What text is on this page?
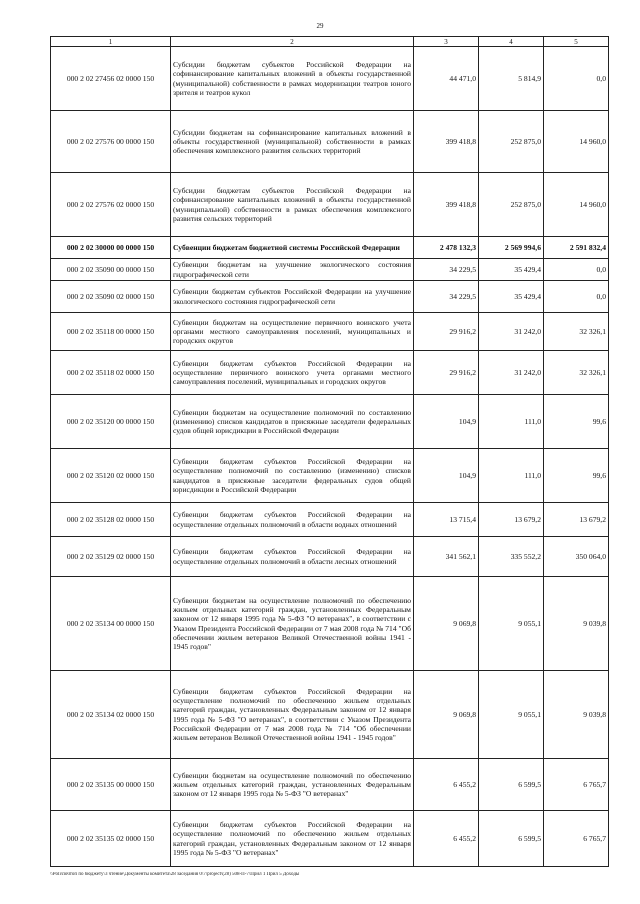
29
1	2	3	4	5
000 2 02 27456 02 0000 150	Субсидии бюджетам субъектов Российской Федерации на софинансирование капитальных вложений в объекты государственной (муниципальной) собственности в рамках модернизации театров юного зрителя и театров кукол	44 471,0	5 814,9	0,0
000 2 02 27576 00 0000 150	Субсидии бюджетам на софинансирование капитальных вложений в объекты государственной (муниципальной) собственности в рамках обеспечения комплексного развития сельских территорий	399 418,8	252 875,0	14 960,0
000 2 02 27576 02 0000 150	Субсидии бюджетам субъектов Российской Федерации на софинансирование капитальных вложений в объекты государственной (муниципальной) собственности в рамках обеспечения комплексного развития сельских территорий	399 418,8	252 875,0	14 960,0
000 2 02 30000 00 0000 150	Субвенции бюджетам бюджетной системы Российской Федерации	2 478 132,3	2 569 994,6	2 591 832,4
000 2 02 35090 00 0000 150	Субвенции бюджетам на улучшение экологического состояния гидрографической сети	34 229,5	35 429,4	0,0
000 2 02 35090 02 0000 150	Субвенции бюджетам субъектов Российской Федерации на улучшение экологического состояния гидрографической сети	34 229,5	35 429,4	0,0
000 2 02 35118 00 0000 150	Субвенции бюджетам на осуществление первичного воинского учета органами местного самоуправления поселений, муниципальных и городских округов	29 916,2	31 242,0	32 326,1
000 2 02 35118 02 0000 150	Субвенции бюджетам субъектов Российской Федерации на осуществление первичного воинского учета органами местного самоуправления поселений, муниципальных и городских округов	29 916,2	31 242,0	32 326,1
000 2 02 35120 00 0000 150	Субвенции бюджетам на осуществление полномочий по составлению (изменению) списков кандидатов в присяжные заседатели федеральных судов общей юрисдикции в Российской Федерации	104,9	111,0	99,6
000 2 02 35120 02 0000 150	Субвенции бюджетам субъектов Российской Федерации на осуществление полномочий по составлению (изменению) списков кандидатов в присяжные заседатели федеральных судов общей юрисдикции в Российской Федерации	104,9	111,0	99,6
000 2 02 35128 02 0000 150	Субвенции бюджетам субъектов Российской Федерации на осуществление отдельных полномочий в области водных отношений	13 715,4	13 679,2	13 679,2
000 2 02 35129 02 0000 150	Субвенции бюджетам субъектов Российской Федерации на осуществление отдельных полномочий в области лесных отношений	341 562,1	335 552,2	350 064,0
000 2 02 35134 00 0000 150	Субвенции бюджетам на осуществление полномочий по обеспечению жильем отдельных категорий граждан, установленных Федеральным законом от 12 января 1995 года № 5-ФЗ "О ветеранах", в соответствии с Указом Президента Российской Федерации от 7 мая 2008 года № 714 "Об обеспечении жильем ветеранов Великой Отечественной войны 1941 - 1945 годов"	9 069,8	9 055,1	9 039,8
000 2 02 35134 02 0000 150	Субвенции бюджетам субъектов Российской Федерации на осуществление полномочий по обеспечению жильем отдельных категорий граждан, установленных Федеральным законом от 12 января 1995 года № 5-ФЗ "О ветеранах", в соответствии с Указом Президента Российской Федерации от 7 мая 2008 года № 714 "Об обеспечении жильем ветеранов Великой Отечественной войны 1941 - 1945 годов"	9 069,8	9 055,1	9 039,8
000 2 02 35135 00 0000 150	Субвенции бюджетам на осуществление полномочий по обеспечению жильем отдельных категорий граждан, установленных Федеральным законом от 12 января 1995 года № 5-ФЗ "О ветеранах"	6 455,2	6 599,5	6 765,7
000 2 02 35135 02 0000 150	Субвенции бюджетам субъектов Российской Федерации на осуществление полномочий по обеспечению жильем отдельных категорий граждан, установленных Федеральным законом от 12 января 1995 года № 5-ФЗ "О ветеранах"	6 455,2	6 599,5	6 765,7
\\Poli\почтоп по бюджету\3 чтение\Документы комитета\28 заседания 0\7\project\(28) 508-П-7\Прил 1 Прил 5 Доходы
